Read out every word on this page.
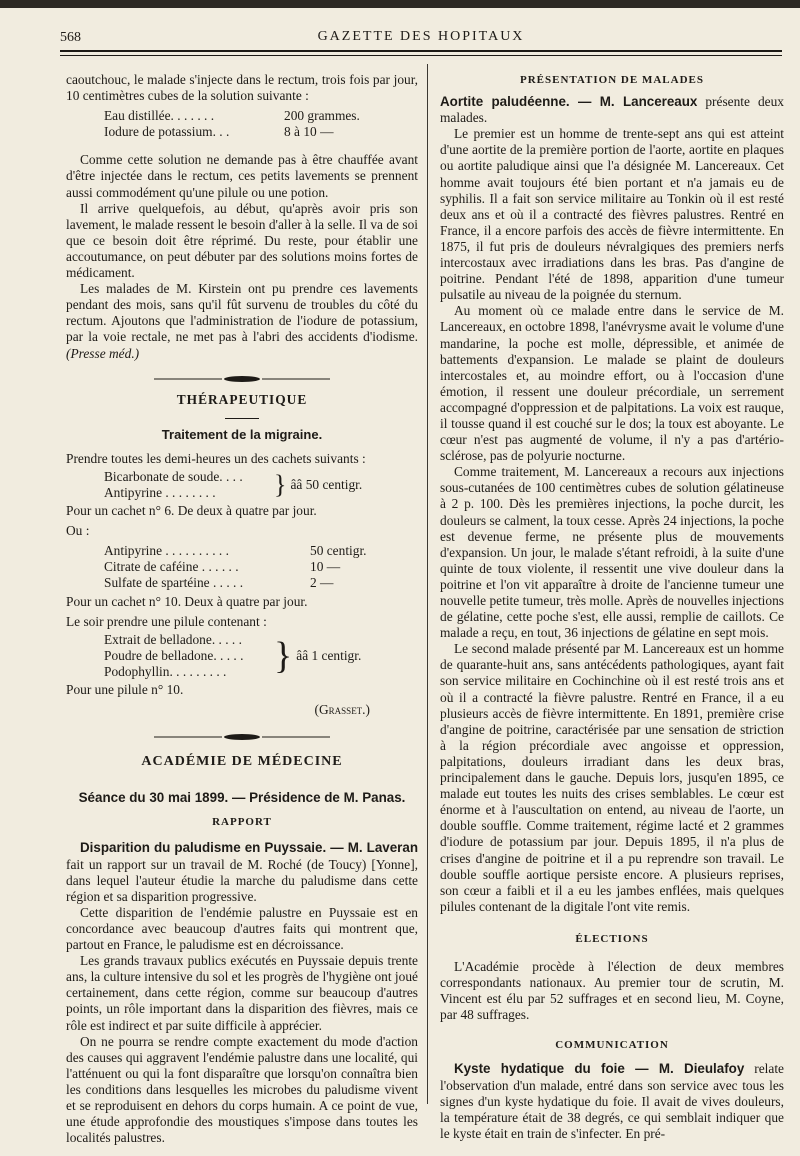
568	GAZETTE DES HOPITAUX

caoutchouc, le malade s'injecte dans le rectum, trois fois par jour, 10 centimètres cubes de la solution suivante :

Eau distillée. . . . . . .	200 grammes.
Iodure de potassium. . .	8 à 10 —

Comme cette solution ne demande pas à être chauffée avant d'être injectée dans le rectum, ces petits lavements se prennent aussi commodément qu'une pilule ou une potion.

Il arrive quelquefois, au début, qu'après avoir pris son lavement, le malade ressent le besoin d'aller à la selle. Il va de soi que ce besoin doit être réprimé. Du reste, pour établir une accoutumance, on peut débuter par des solutions moins fortes de médicament.

Les malades de M. Kirstein ont pu prendre ces lavements pendant des mois, sans qu'il fût survenu de troubles du côté du rectum. Ajoutons que l'administration de l'iodure de potassium, par la voie rectale, ne met pas à l'abri des accidents d'iodisme. (Presse méd.)

THÉRAPEUTIQUE
Traitement de la migraine.

Prendre toutes les demi-heures un des cachets suivants :

Bicarbonate de soude. . . .
Antipyrine . . . . . . . .	} ââ 50 centigr.

Pour un cachet n° 6. De deux à quatre par jour.

Ou :

Antipyrine . . . . . . . . . .	50 centigr.
Citrate de caféine . . . . . .	10 —
Sulfate de spartéine . . . . .	2 —

Pour un cachet n° 10. Deux à quatre par jour.

Le soir prendre une pilule contenant :

Extrait de belladone. . . . .
Poudre de belladone. . . . .
Podophyllin. . . . . . . . .	} ââ 1 centigr.

Pour une pilule n° 10.

(Grasset.)
ACADÉMIE DE MÉDECINE
Séance du 30 mai 1899. — Présidence de M. Panas.
RAPPORT

Disparition du paludisme en Puyssaie. — M. Laveran fait un rapport sur un travail de M. Roché (de Toucy) [Yonne], dans lequel l'auteur étudie la marche du paludisme dans cette région et sa disparition progressive.

Cette disparition de l'endémie palustre en Puyssaie est en concordance avec beaucoup d'autres faits qui montrent que, partout en France, le paludisme est en décroissance.

Les grands travaux publics exécutés en Puyssaie depuis trente ans, la culture intensive du sol et les progrès de l'hygiène ont joué certainement, dans cette région, comme sur beaucoup d'autres points, un rôle important dans la disparition des fièvres, mais ce rôle est indirect et par suite difficile à apprécier.

On ne pourra se rendre compte exactement du mode d'action des causes qui aggravent l'endémie palustre dans une localité, qui l'atténuent ou qui la font disparaître que lorsqu'on connaîtra bien les conditions dans lesquelles les microbes du paludisme vivent et se reproduisent en dehors du corps humain. A ce point de vue, une étude approfondie des moustiques s'impose dans toutes les localités palustres.

PRÉSENTATION DE MALADES

Aortite paludéenne. — M. Lancereaux présente deux malades.

Le premier est un homme de trente-sept ans qui est atteint d'une aortite de la première portion de l'aorte, aortite en plaques ou aortite paludique ainsi que l'a désignée M. Lancereaux. Cet homme avait toujours été bien portant et n'a jamais eu de syphilis. Il a fait son service militaire au Tonkin où il est resté deux ans et où il a contracté des fièvres palustres. Rentré en France, il a encore parfois des accès de fièvre intermittente. En 1875, il fut pris de douleurs névralgiques des premiers nerfs intercostaux avec irradiations dans les bras. Pas d'angine de poitrine. Pendant l'été de 1898, apparition d'une tumeur pulsatile au niveau de la poignée du sternum.

Au moment où ce malade entre dans le service de M. Lancereaux, en octobre 1898, l'anévrysme avait le volume d'une mandarine, la poche est molle, dépressible, et animée de battements d'expansion. Le malade se plaint de douleurs intercostales et, au moindre effort, ou à l'occasion d'une émotion, il ressent une douleur précordiale, un serrement accompagné d'oppression et de palpitations. La voix est rauque, il tousse quand il est couché sur le dos; la toux est aboyante. Le cœur n'est pas augmenté de volume, il n'y a pas d'artério-sclérose, pas de polyurie nocturne.

Comme traitement, M. Lancereaux a recours aux injections sous-cutanées de 100 centimètres cubes de solution gélatineuse à 2 p. 100. Dès les premières injections, la poche durcit, les douleurs se calment, la toux cesse. Après 24 injections, la poche est devenue ferme, ne présente plus de mouvements d'expansion. Un jour, le malade s'étant refroidi, à la suite d'une quinte de toux violente, il ressentit une vive douleur dans la poitrine et l'on vit apparaître à droite de l'ancienne tumeur une nouvelle petite tumeur, très molle. Après de nouvelles injections de gélatine, cette poche s'est, elle aussi, remplie de caillots. Ce malade a reçu, en tout, 36 injections de gélatine en sept mois.

Le second malade présenté par M. Lancereaux est un homme de quarante-huit ans, sans antécédents pathologiques, ayant fait son service militaire en Cochinchine où il est resté trois ans et où il a contracté la fièvre palustre. Rentré en France, il a eu plusieurs accès de fièvre intermittente. En 1891, première crise d'angine de poitrine, caractérisée par une sensation de striction à la région précordiale avec angoisse et oppression, palpitations, douleurs irradiant dans les deux bras, principalement dans le gauche. Depuis lors, jusqu'en 1895, ce malade eut toutes les nuits des crises semblables. Le cœur est énorme et à l'auscultation on entend, au niveau de l'aorte, un double souffle. Comme traitement, régime lacté et 2 grammes d'iodure de potassium par jour. Depuis 1895, il n'a plus de crises d'angine de poitrine et il a pu reprendre son travail. Le double souffle aortique persiste encore. A plusieurs reprises, son cœur a faibli et il a eu les jambes enflées, mais quelques pilules contenant de la digitale l'ont vite remis.

ÉLECTIONS

L'Académie procède à l'élection de deux membres correspondants nationaux. Au premier tour de scrutin, M. Vincent est élu par 52 suffrages et en second lieu, M. Coyne, par 48 suffrages.

COMMUNICATION

Kyste hydatique du foie — M. Dieulafoy relate l'observation d'un malade, entré dans son service avec tous les signes d'un kyste hydatique du foie. Il avait de vives douleurs, la température était de 38 degrés, ce qui semblait indiquer que le kyste était en train de s'infecter. En pré-
